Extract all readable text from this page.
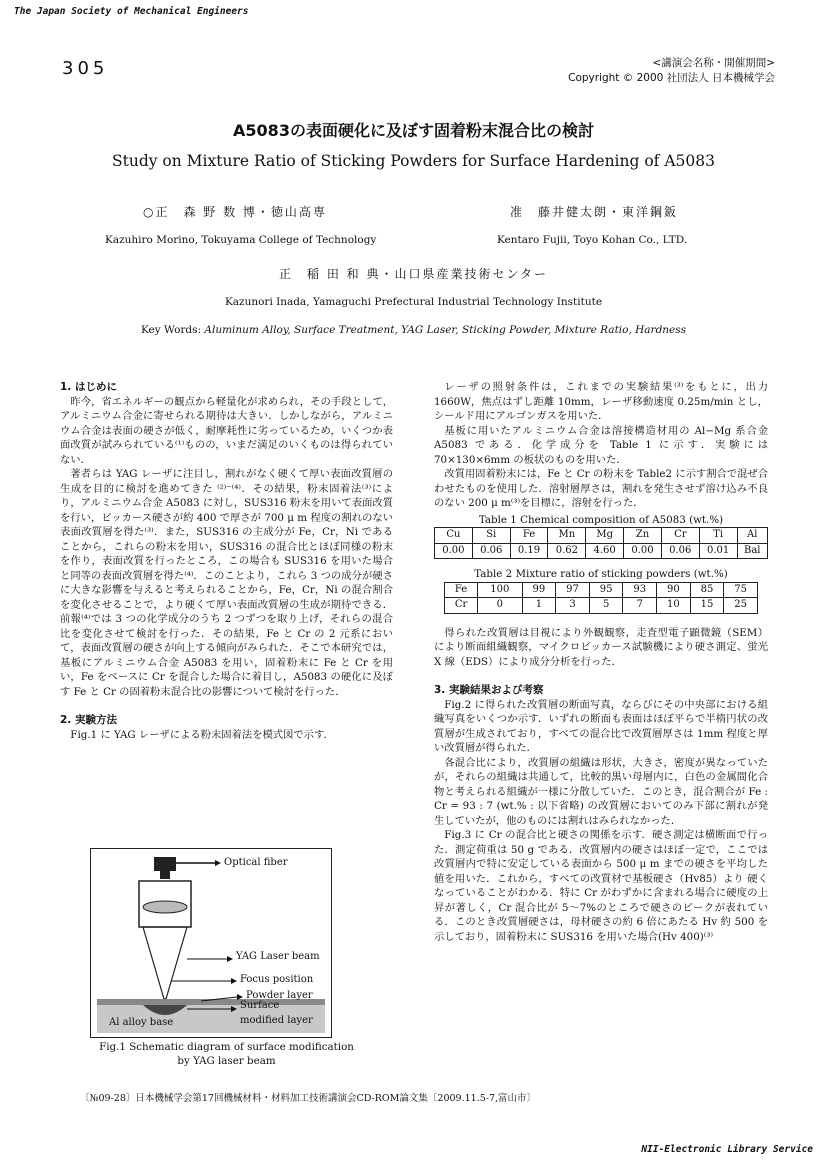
The Japan Society of Mechanical Engineers
305	<講演会名称・開催期間>
Copyright © 2000 社団法人 日本機械学会
A5083の表面硬化に及ぼす固着粉末混合比の検討
Study on Mixture Ratio of Sticking Powders for Surface Hardening of A5083
○正　森 野 数 博・徳山高専	准　藤井健太朗・東洋鋼鈑
Kazuhiro Morino, Tokuyama College of Technology	Kentaro Fujii, Toyo Kohan Co., LTD.
正　稲 田 和 典・山口県産業技術センター
Kazunori Inada, Yamaguchi Prefectural Industrial Technology Institute
Key Words: Aluminum Alloy, Surface Treatment, YAG Laser, Sticking Powder, Mixture Ratio, Hardness
1. はじめに

昨今，省エネルギーの観点から軽量化が求められ，その手段として，アルミニウム合金に寄せられる期待は大きい．しかしながら，アルミニウム合金は表面の硬さが低く，耐摩耗性に劣っているため，いくつか表面改質が試みられている⁽¹⁾ものの，いまだ満足のいくものは得られていない．

著者らは YAG レーザに注目し，割れがなく硬くて厚い表面改質層の生成を目的に検討を進めてきた ⁽²⁾⁻⁽⁴⁾．その結果，粉末固着法⁽³⁾により，アルミニウム合金 A5083 に対し，SUS316 粉末を用いて表面改質を行い，ビッカース硬さが約 400 で厚さが 700 μ m 程度の割れのない表面改質層を得た⁽³⁾．また，SUS316 の主成分が Fe，Cr，Ni であることから，これらの粉末を用い，SUS316 の混合比とほぼ同様の粉末を作り，表面改質を行ったところ，この場合も SUS316 を用いた場合と同等の表面改質層を得た⁽⁴⁾．このことより，これら 3 つの成分が硬さに大きな影響を与えると考えられることから，Fe，Cr，Ni の混合割合を変化させることで，より硬くて厚い表面改質層の生成が期待できる．前報⁽⁴⁾では 3 つの化学成分のうち 2 つずつを取り上げ，それらの混合比を変化させて検討を行った．その結果，Fe と Cr の 2 元系において，表面改質層の硬さが向上する傾向がみられた．そこで本研究では，基板にアルミニウム合金 A5083 を用い，固着粉末に Fe と Cr を用い，Fe をベースに Cr を混合した場合に着目し，A5083 の硬化に及ぼす Fe と Cr の固着粉末混合比の影響について検討を行った．

2. 実験方法

Fig.1 に YAG レーザによる粉末固着法を模式図で示す．

Optical fiber
YAG Laser beam
Focus position
Powder layer
Surface
modified layer
Al alloy base
Fig.1 Schematic diagram of surface modification
by YAG laser beam

レーザの照射条件は，これまでの実験結果⁽³⁾をもとに，出力 1660W，焦点はずし距離 10mm，レーザ移動速度 0.25m/min とし，シールド用にアルゴンガスを用いた．

基板に用いたアルミニウム合金は溶接構造材用の Al−Mg 系合金 A5083 である．化学成分を Table 1 に示す．実験には 70×130×6mm の板状のものを用いた．

改質用固着粉末には，Fe と Cr の粉末を Table2 に示す割合で混ぜ合わせたものを使用した．溶射層厚さは，割れを発生させず溶け込み不良のない 200 μ m⁽³⁾を目標に，溶射を行った．

Table 1 Chemical composition of A5083 (wt.%)
Cu	Si	Fe	Mn	Mg	Zn	Cr	Ti	Al
0.00	0.06	0.19	0.62	4.60	0.00	0.06	0.01	Bal
Table 2 Mixture ratio of sticking powders (wt.%)
Fe	100	99	97	95	93	90	85	75
Cr	0	1	3	5	7	10	15	25

得られた改質層は目視により外観観察，走査型電子顕微鏡（SEM）により断面組織観察，マイクロビッカース試験機により硬さ測定、蛍光 X 線（EDS）により成分分析を行った．

3. 実験結果および考察

Fig.2 に得られた改質層の断面写真，ならびにその中央部における組織写真をいくつか示す．いずれの断面も表面はほぼ平らで半楕円状の改質層が生成されており，すべての混合比で改質層厚さは 1mm 程度と厚い改質層が得られた．

各混合比により，改質層の組織は形状，大きさ，密度が異なっていたが，それらの組織は共通して，比較的黒い母層内に，白色の金属間化合物と考えられる組織が一様に分散していた．このとき，混合割合が Fe : Cr = 93 : 7 (wt.% : 以下省略) の改質層においてのみ下部に割れが発生していたが，他のものには割れはみられなかった．

Fig.3 に Cr の混合比と硬さの関係を示す．硬さ測定は横断面で行った．測定荷重は 50 g である．改質層内の硬さはほぼ一定で，ここでは改質層内で特に安定している表面から 500 μ m までの硬さを平均した値を用いた．これから，すべての改質材で基板硬さ（Hv85）より 硬くなっていることがわかる．特に Cr がわずかに含まれる場合に硬度の上昇が著しく，Cr 混合比が 5〜7%のところで硬さのピークが表れている．このとき改質層硬さは，母材硬さの約 6 倍にあたる Hv 約 500 を示しており，固着粉末に SUS316 を用いた場合(Hv 400)⁽³⁾

〔№09-28〕日本機械学会第17回機械材料・材料加工技術講演会CD-ROM論文集〔2009.11.5-7,富山市〕
NII-Electronic Library Service
